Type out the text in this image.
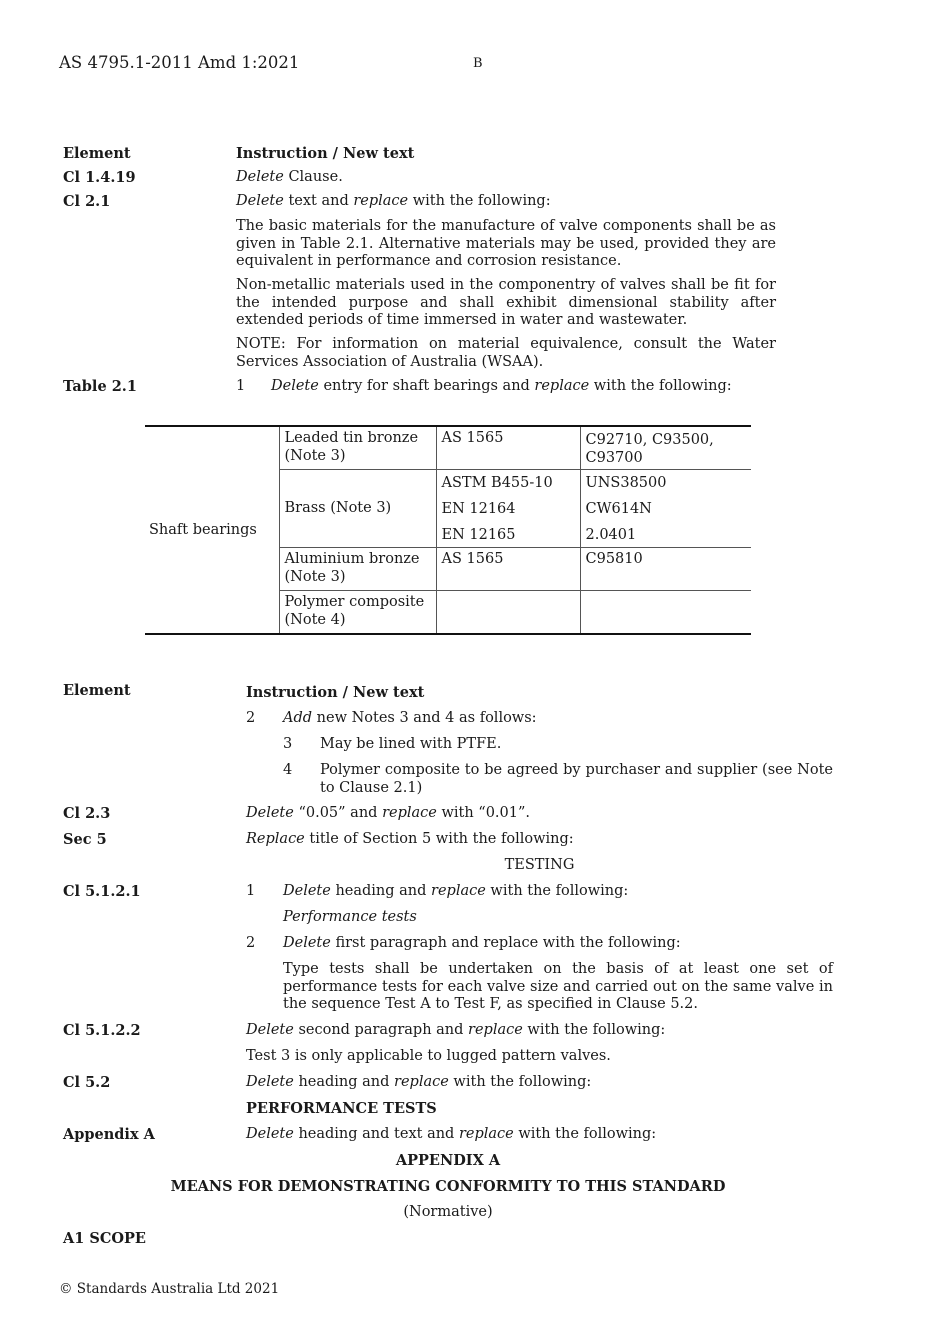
AS 4795.1-2011 Amd 1:2021	B
Element	Instruction / New text
Cl 1.4.19	Delete Clause.
Cl 2.1	Delete text and replace with the following:
The basic materials for the manufacture of valve components shall be as given in Table 2.1. Alternative materials may be used, provided they are equivalent in performance and corrosion resistance.
Non-metallic materials used in the componentry of valves shall be fit for the intended purpose and shall exhibit dimensional stability after extended periods of time immersed in water and wastewater.
NOTE: For information on material equivalence, consult the Water Services Association of Australia (WSAA).
Table 2.1	1 Delete entry for shaft bearings and replace with the following:
Shaft bearings	Leaded tin bronze (Note 3)	AS 1565	C92710, C93500, C93700
	Brass (Note 3)	ASTM B455-10	UNS38500
		EN 12164	CW614N
		EN 12165	2.0401
	Aluminium bronze (Note 3)	AS 1565	C95810
	Polymer composite (Note 4)		
Element	Instruction / New text
2 Add new Notes 3 and 4 as follows:
3 May be lined with PTFE.
4 Polymer composite to be agreed by purchaser and supplier (see Note to Clause 2.1)
Cl 2.3	Delete “0.05” and replace with “0.01”.
Sec 5	Replace title of Section 5 with the following:
TESTING
Cl 5.1.2.1	1 Delete heading and replace with the following:
Performance tests
2 Delete first paragraph and replace with the following:
Type tests shall be undertaken on the basis of at least one set of performance tests for each valve size and carried out on the same valve in the sequence Test A to Test F, as specified in Clause 5.2.
Cl 5.1.2.2	Delete second paragraph and replace with the following:
Test 3 is only applicable to lugged pattern valves.
Cl 5.2	Delete heading and replace with the following:
PERFORMANCE TESTS
Appendix A	Delete heading and text and replace with the following:
APPENDIX A
MEANS FOR DEMONSTRATING CONFORMITY TO THIS STANDARD
(Normative)
A1 SCOPE
© Standards Australia Ltd 2021
